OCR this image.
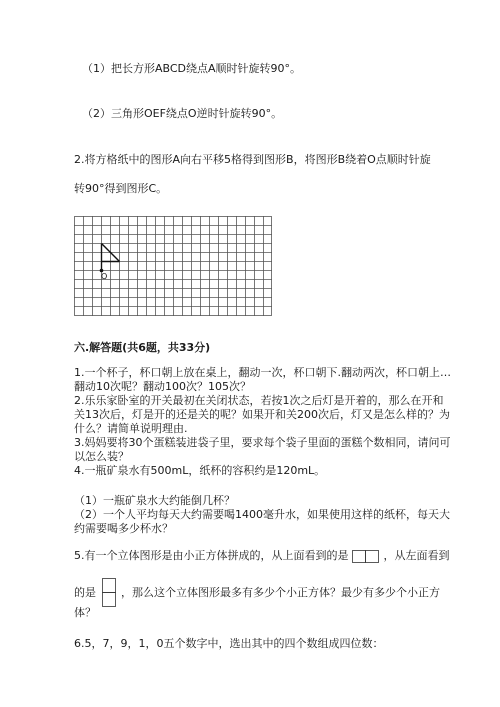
（1）把长方形ABCD绕点A顺时针旋转90°。
（2）三角形OEF绕点O逆时针旋转90°。
2.将方格纸中的图形A向右平移5格得到图形B，将图形B绕着O点顺时针旋
转90°得到图形C。
O
六.解答题(共6题，共33分)
1.一个杯子，杯口朝上放在桌上，翻动一次，杯口朝下.翻动两次，杯口朝上…
翻动10次呢？翻动100次？105次？
2.乐乐家卧室的开关最初在关闭状态，若按1次之后灯是开着的，那么在开和
关13次后，灯是开的还是关的呢？如果开和关200次后，灯又是怎么样的？为
什么？请简单说明理由.
3.妈妈要将30个蛋糕装进袋子里，要求每个袋子里面的蛋糕个数相同，请问可
以怎么装？
4.一瓶矿泉水有500mL，纸杯的容积约是120mL。
（1）一瓶矿泉水大约能倒几杯？
（2）一个人平均每天大约需要喝1400毫升水，如果使用这样的纸杯，每天大
约需要喝多少杯水？
5.有一个立体图形是由小正方体拼成的，从上面看到的是	，从左面看到
的是 ，那么这个立体图形最多有多少个小正方体？最少有多少个小正方
体？
6.5，7，9，1，0五个数字中，选出其中的四个数组成四位数：
